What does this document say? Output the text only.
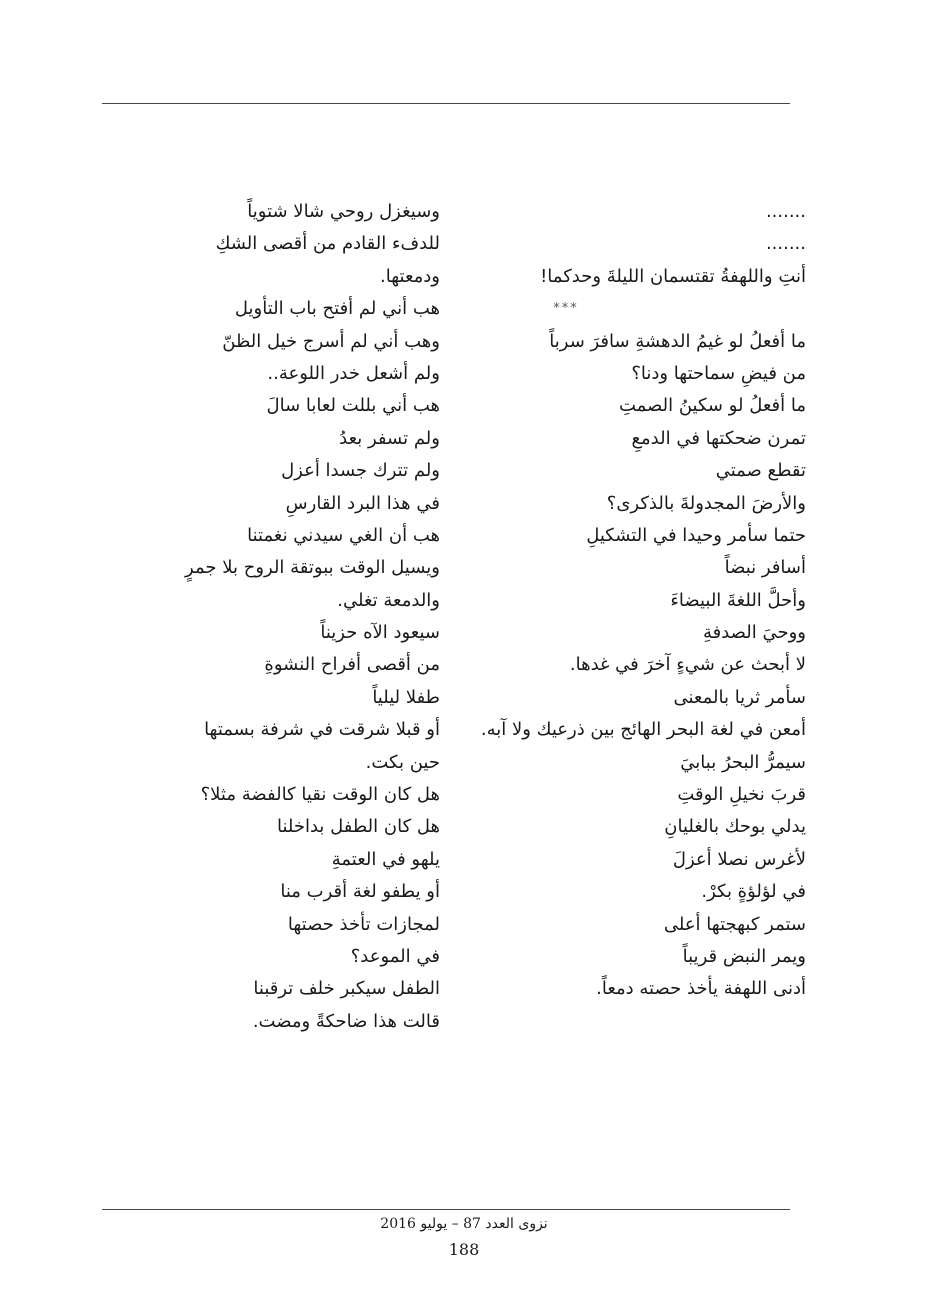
.......
.......
أنتِ واللهفةُ تقتسمان الليلةَ وحدكما!
***
ما أفعلُ لو غيمُ الدهشةِ سافرَ سرباً
من فيضِ سماحتها ودنا؟
ما أفعلُ لو سكينُ الصمتِ
تمرن ضحكتها في الدمعِ
تقطع صمتي
والأرضَ المجدولةَ بالذكرى؟
حتما سأمر وحيدا في التشكيلِ
أسافر نبضاً
وأحلَّ اللغةَ البيضاءَ
ووحيَ الصدفةِ
لا أبحث عن شيءٍ آخرَ في غدها.
سأمر ثريا بالمعنى
أمعن في لغة البحر الهائج بين ذرعيك ولا آبه.
سيمرُّ البحرُ ببابيَ
قربَ نخيلِ الوقتِ
يدلي بوحك بالغليانِ
لأغرس نصلا أعزلَ
في لؤلؤةٍ بكرْ.
ستمر كبهجتها أعلى
ويمر النبض قريباً
أدنى اللهفة يأخذ حصته دمعاً.
وسيغزل روحي شالا شتوياً
للدفء القادم من أقصى الشكِ
ودمعتها.
هب أني لم أفتح باب التأويل
وهب أني لم أسرج خيل الظنّ
ولم أشعل خدر اللوعة..
هب أني بللت لعابا سالَ
ولم تسفر بعدُ
ولم تترك جسدا أعزل
في هذا البرد القارسِ
هب أن الغي سيدني نغمتنا
ويسيل الوقت ببوتقة الروح بلا جمرٍ
والدمعة تغلي.
سيعود الآه حزيناً
من أقصى أفراح النشوةِ
طفلا ليلياً
أو قبلا شرقت في شرفة بسمتها
حين بكت.
هل كان الوقت نقيا كالفضة مثلا؟
هل كان الطفل بداخلنا
يلهو في العتمةِ
أو يطفو لغة أقرب منا
لمجازات تأخذ حصتها
في الموعد؟
الطفل سيكبر خلف ترقبنا
قالت هذا ضاحكةً ومضت.
نزوى العدد 87 – يوليو 2016
188
